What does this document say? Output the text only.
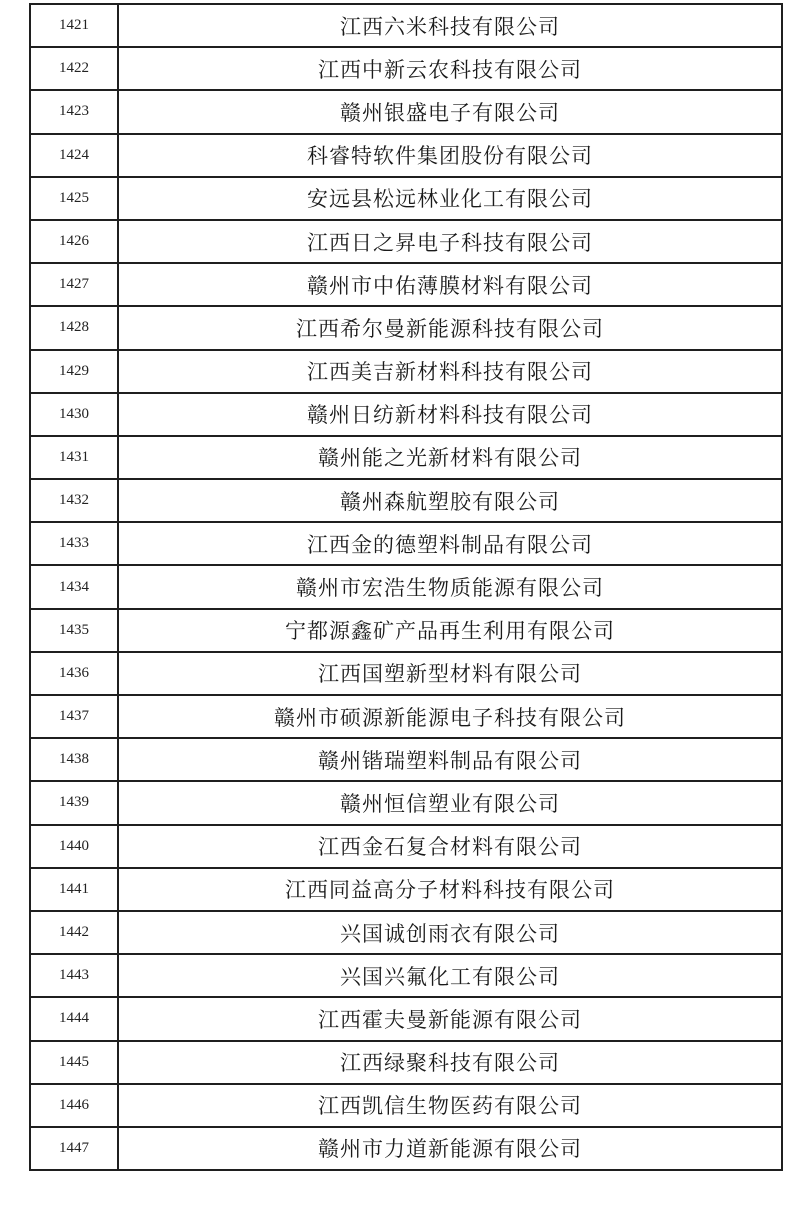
1421	江西六米科技有限公司
1422	江西中新云农科技有限公司
1423	赣州银盛电子有限公司
1424	科睿特软件集团股份有限公司
1425	安远县松远林业化工有限公司
1426	江西日之昇电子科技有限公司
1427	赣州市中佑薄膜材料有限公司
1428	江西希尔曼新能源科技有限公司
1429	江西美吉新材料科技有限公司
1430	赣州日纺新材料科技有限公司
1431	赣州能之光新材料有限公司
1432	赣州森航塑胶有限公司
1433	江西金的德塑料制品有限公司
1434	赣州市宏浩生物质能源有限公司
1435	宁都源鑫矿产品再生利用有限公司
1436	江西国塑新型材料有限公司
1437	赣州市硕源新能源电子科技有限公司
1438	赣州锴瑞塑料制品有限公司
1439	赣州恒信塑业有限公司
1440	江西金石复合材料有限公司
1441	江西同益高分子材料科技有限公司
1442	兴国诚创雨衣有限公司
1443	兴国兴氟化工有限公司
1444	江西霍夫曼新能源有限公司
1445	江西绿聚科技有限公司
1446	江西凯信生物医药有限公司
1447	赣州市力道新能源有限公司
